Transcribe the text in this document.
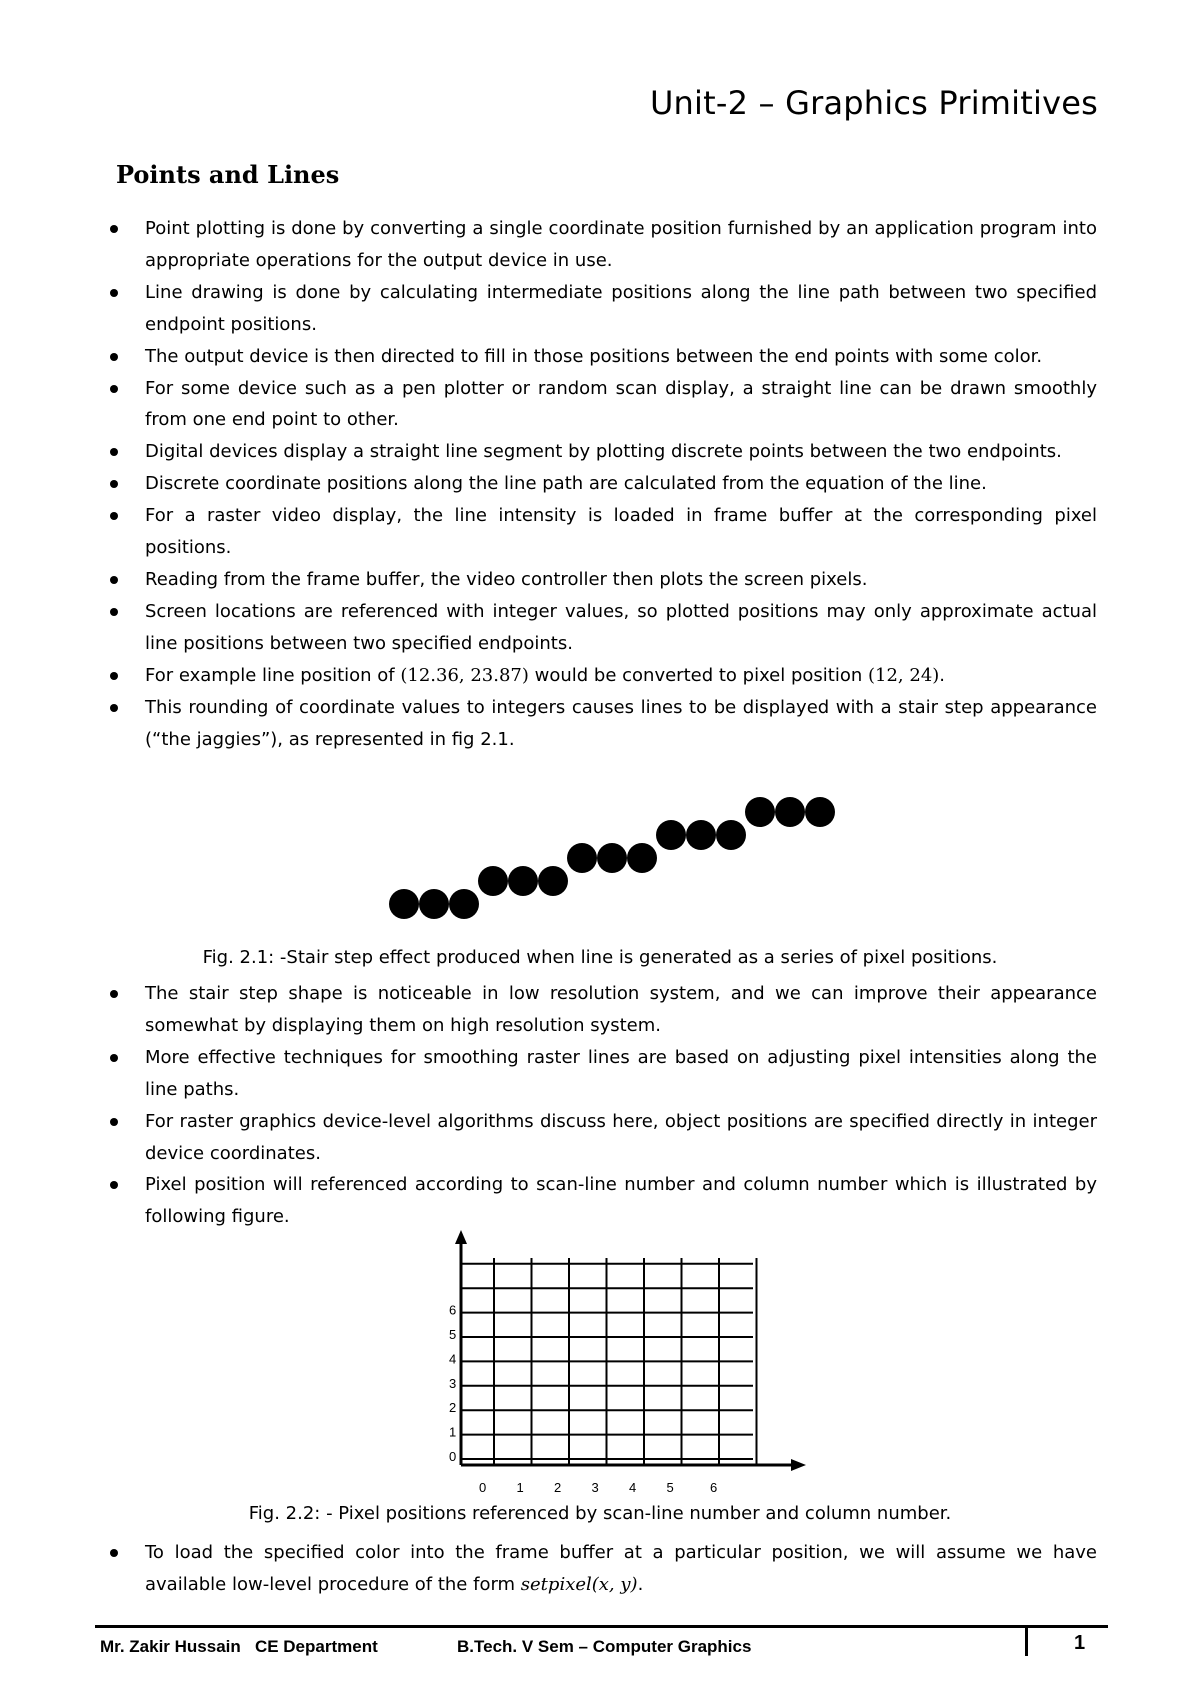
Unit-2 – Graphics Primitives
Points and Lines
Point plotting is done by converting a single coordinate position furnished by an application program into appropriate operations for the output device in use.
Line drawing is done by calculating intermediate positions along the line path between two specified endpoint positions.
The output device is then directed to fill in those positions between the end points with some color.
For some device such as a pen plotter or random scan display, a straight line can be drawn smoothly from one end point to other.
Digital devices display a straight line segment by plotting discrete points between the two endpoints.
Discrete coordinate positions along the line path are calculated from the equation of the line.
For a raster video display, the line intensity is loaded in frame buffer at the corresponding pixel positions.
Reading from the frame buffer, the video controller then plots the screen pixels.
Screen locations are referenced with integer values, so plotted positions may only approximate actual line positions between two specified endpoints.
For example line position of (12.36, 23.87) would be converted to pixel position (12, 24).
This rounding of coordinate values to integers causes lines to be displayed with a stair step appearance (“the jaggies”), as represented in fig 2.1.

Fig. 2.1: -Stair step effect produced when line is generated as a series of pixel positions.

The stair step shape is noticeable in low resolution system, and we can improve their appearance somewhat by displaying them on high resolution system.
More effective techniques for smoothing raster lines are based on adjusting pixel intensities along the line paths.
For raster graphics device-level algorithms discuss here, object positions are specified directly in integer device coordinates.
Pixel position will referenced according to scan-line number and column number which is illustrated by following figure.
0
1
2
3
4
5
6
0 1 2 3 4 5	6

Fig. 2.2: - Pixel positions referenced by scan-line number and column number.

To load the specified color into the frame buffer at a particular position, we will assume we have available low-level procedure of the form setpixel(x, y).

Mr. Zakir Hussain   CE Department	B.Tech. V Sem – Computer Graphics	1
